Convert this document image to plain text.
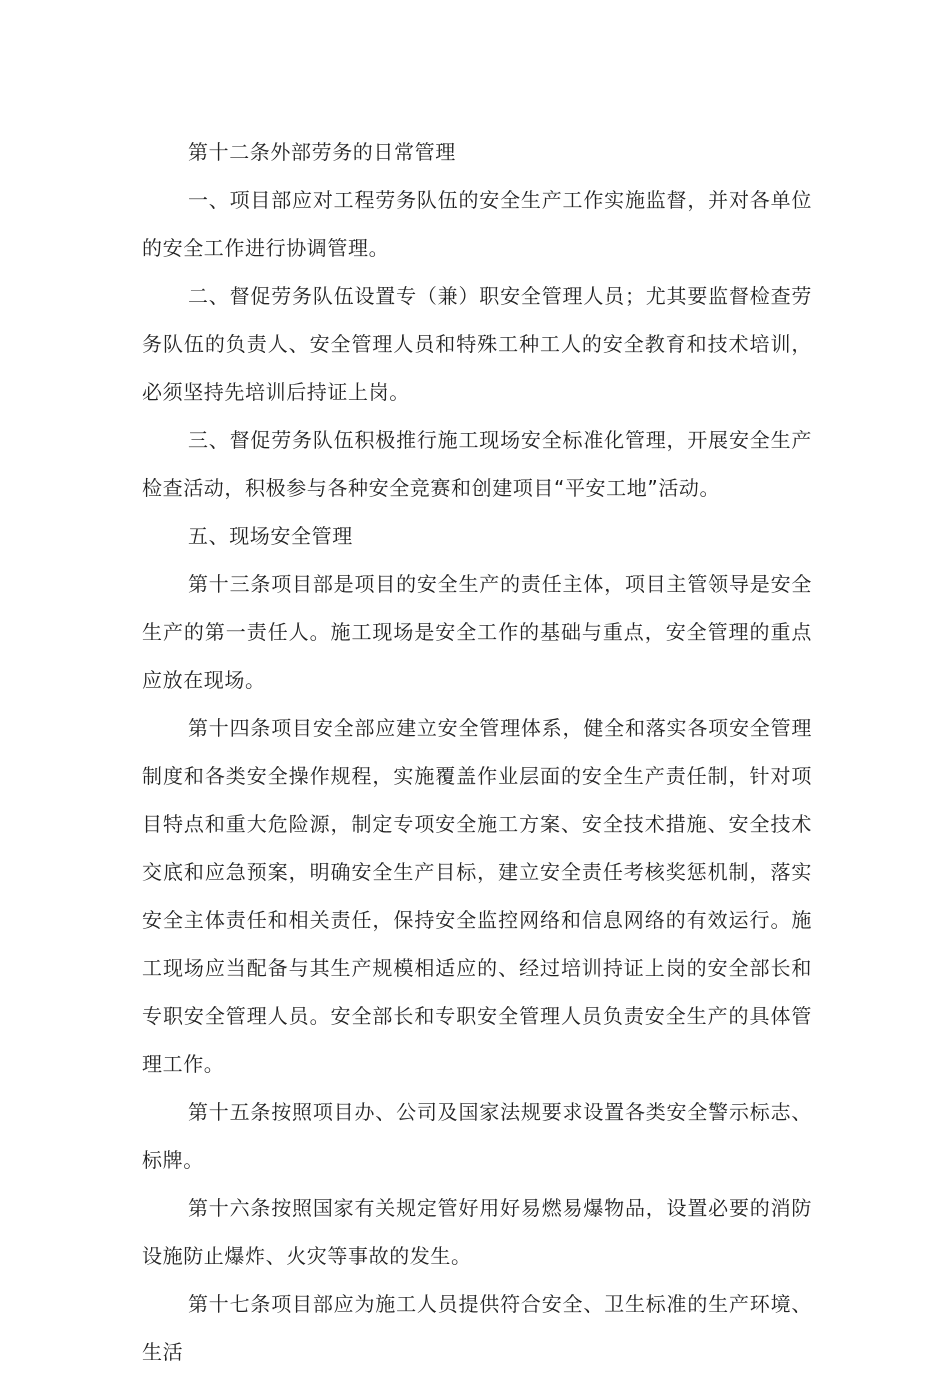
第十二条外部劳务的日常管理

一、项目部应对工程劳务队伍的安全生产工作实施监督，并对各单位的安全工作进行协调管理。

二、督促劳务队伍设置专（兼）职安全管理人员；尤其要监督检查劳务队伍的负责人、安全管理人员和特殊工种工人的安全教育和技术培训，必须坚持先培训后持证上岗。

三、督促劳务队伍积极推行施工现场安全标准化管理，开展安全生产检查活动，积极参与各种安全竞赛和创建项目“平安工地”活动。

五、现场安全管理

第十三条项目部是项目的安全生产的责任主体，项目主管领导是安全生产的第一责任人。施工现场是安全工作的基础与重点，安全管理的重点应放在现场。

第十四条项目安全部应建立安全管理体系，健全和落实各项安全管理制度和各类安全操作规程，实施覆盖作业层面的安全生产责任制，针对项目特点和重大危险源，制定专项安全施工方案、安全技术措施、安全技术交底和应急预案，明确安全生产目标，建立安全责任考核奖惩机制，落实安全主体责任和相关责任，保持安全监控网络和信息网络的有效运行。施工现场应当配备与其生产规模相适应的、经过培训持证上岗的安全部长和专职安全管理人员。安全部长和专职安全管理人员负责安全生产的具体管理工作。

第十五条按照项目办、公司及国家法规要求设置各类安全警示标志、标牌。

第十六条按照国家有关规定管好用好易燃易爆物品，设置必要的消防设施防止爆炸、火灾等事故的发生。

第十七条项目部应为施工人员提供符合安全、卫生标准的生产环境、生活
